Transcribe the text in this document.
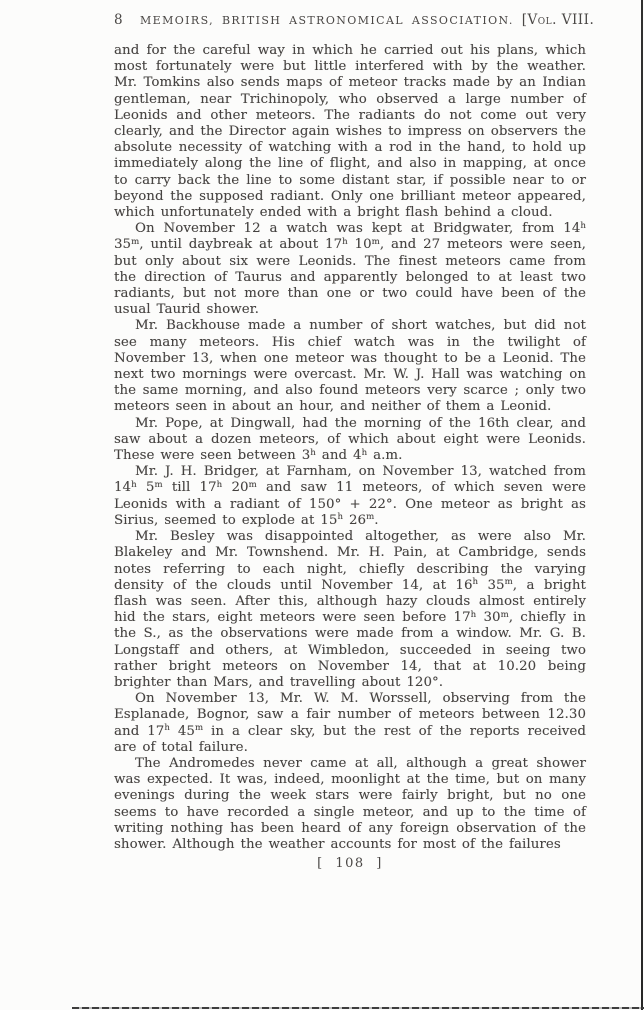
8	MEMOIRS, BRITISH ASTRONOMICAL ASSOCIATION. [Vol. VIII.

and for the careful way in which he carried out his plans, which most fortunately were but little interfered with by the weather. Mr. Tomkins also sends maps of meteor tracks made by an Indian gentleman, near Trichinopoly, who observed a large number of Leonids and other meteors. The radiants do not come out very clearly, and the Director again wishes to impress on observers the absolute necessity of watching with a rod in the hand, to hold up immediately along the line of flight, and also in mapping, at once to carry back the line to some distant star, if possible near to or beyond the supposed radiant. Only one brilliant meteor appeared, which unfortunately ended with a bright flash behind a cloud.

On November 12 a watch was kept at Bridgwater, from 14$^h$ 35$^m$, until daybreak at about 17$^h$ 10$^m$, and 27 meteors were seen, but only about six were Leonids. The finest meteors came from the direction of Taurus and apparently belonged to at least two radiants, but not more than one or two could have been of the usual Taurid shower.

Mr. Backhouse made a number of short watches, but did not see many meteors. His chief watch was in the twilight of November 13, when one meteor was thought to be a Leonid. The next two mornings were overcast. Mr. W. J. Hall was watching on the same morning, and also found meteors very scarce ; only two meteors seen in about an hour, and neither of them a Leonid.

Mr. Pope, at Dingwall, had the morning of the 16th clear, and saw about a dozen meteors, of which about eight were Leonids. These were seen between 3$^h$ and 4$^h$ a.m.

Mr. J. H. Bridger, at Farnham, on November 13, watched from 14$^h$ 5$^m$ till 17$^h$ 20$^m$ and saw 11 meteors, of which seven were Leonids with a radiant of 150° + 22°. One meteor as bright as Sirius, seemed to explode at 15$^h$ 26$^m$.

Mr. Besley was disappointed altogether, as were also Mr. Blakeley and Mr. Townshend. Mr. H. Pain, at Cambridge, sends notes referring to each night, chiefly describing the varying density of the clouds until November 14, at 16$^h$ 35$^m$, a bright flash was seen. After this, although hazy clouds almost entirely hid the stars, eight meteors were seen before 17$^h$ 30$^m$, chiefly in the S., as the observations were made from a window. Mr. G. B. Longstaff and others, at Wimbledon, succeeded in seeing two rather bright meteors on November 14, that at 10.20 being brighter than Mars, and travelling about 120°.

On November 13, Mr. W. M. Worssell, observing from the Esplanade, Bognor, saw a fair number of meteors between 12.30 and 17$^h$ 45$^m$ in a clear sky, but the rest of the reports received are of total failure.

The Andromedes never came at all, although a great shower was expected. It was, indeed, moonlight at the time, but on many evenings during the week stars were fairly bright, but no one seems to have recorded a single meteor, and up to the time of writing nothing has been heard of any foreign observation of the shower. Although the weather accounts for most of the failures

[ 108 ]
